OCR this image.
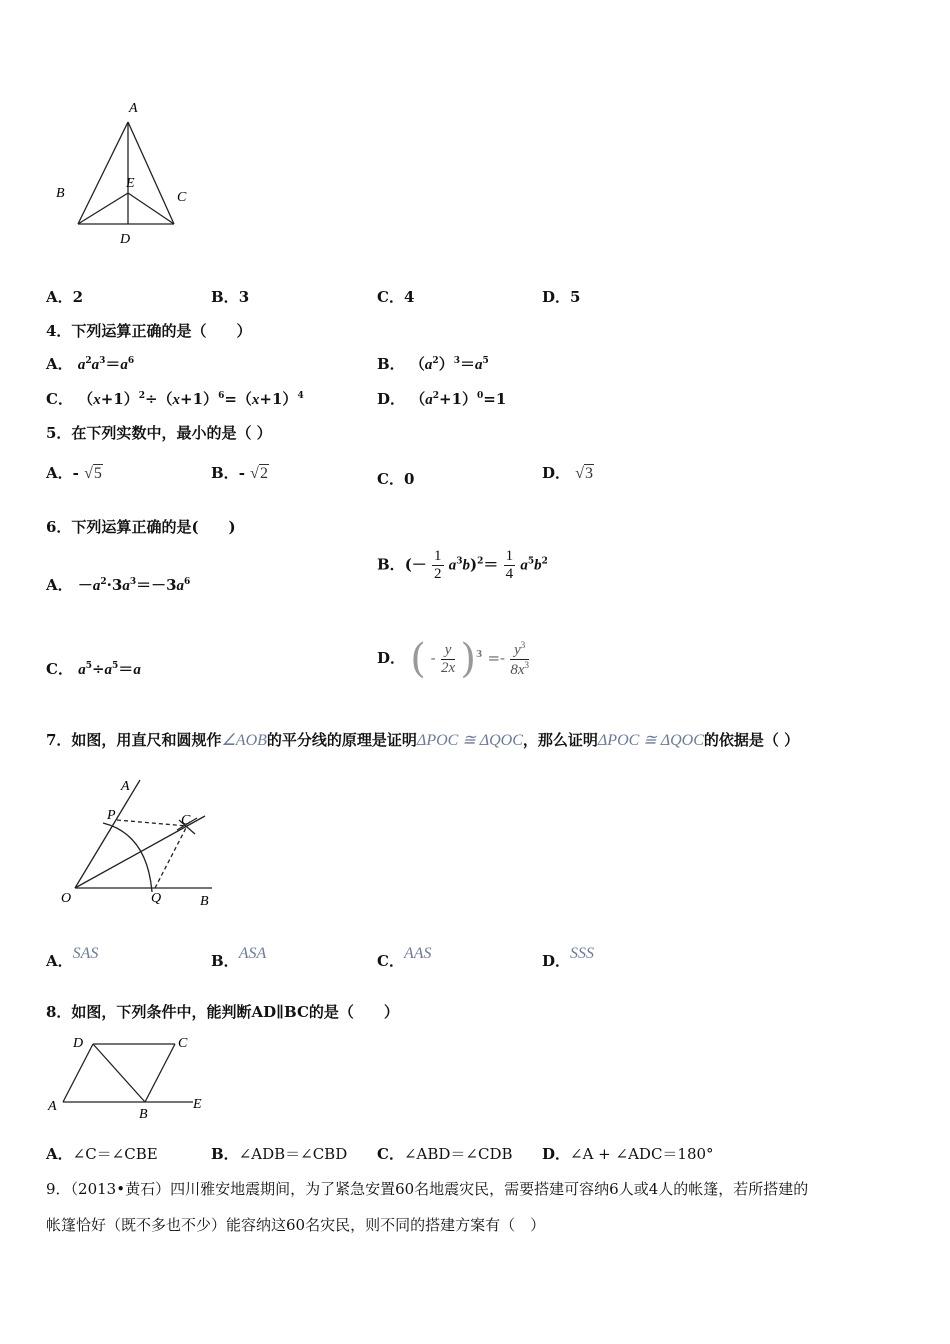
A
B	C
E
D
A．2	B．3	C．4	D．5
4．下列运算正确的是（　　）
A． $a^2a^3=a^6$	B． $(a^2)^3=a^5$
C． $(x+1)^2\div(x+1)^6=(x+1)^4$	D． $(a^2+1)^0=1$
5．在下列实数中，最小的是（ ）
A．- √5	B．- √2	C．0	D． √3
6．下列运算正确的是(　　)
A． $-a^2\cdot 3a^3=-3a^6$
B．(－ $\frac{1}{2} a^3b)^2= \frac{1}{4} a^5b^2$
C． $a^5\div a^5=a$
D． ( - $\frac{y}{2x} )^3 =- \frac{y^3}{8x^3}$
7．如图，用直尺和圆规作∠AOB的平分线的原理是证明ΔPOC ≅ ΔQOC，那么证明ΔPOC ≅ ΔQOC的依据是（ ）
A
P	C
O	Q	B
A．SAS	B．ASA	C．AAS	D．SSS
8．如图，下列条件中，能判断AD∥BC的是（　　）
D	C
A
B
E
A．∠C＝∠CBE	B．∠ADB＝∠CBD C．∠ABD＝∠CDB D．∠A + ∠ADC＝180°
9．（2013•黄石）四川雅安地震期间，为了紧急安置60名地震灾民，需要搭建可容纳6人或4人的帐篷，若所搭建的
帐篷恰好（既不多也不少）能容纳这60名灾民，则不同的搭建方案有（　）
